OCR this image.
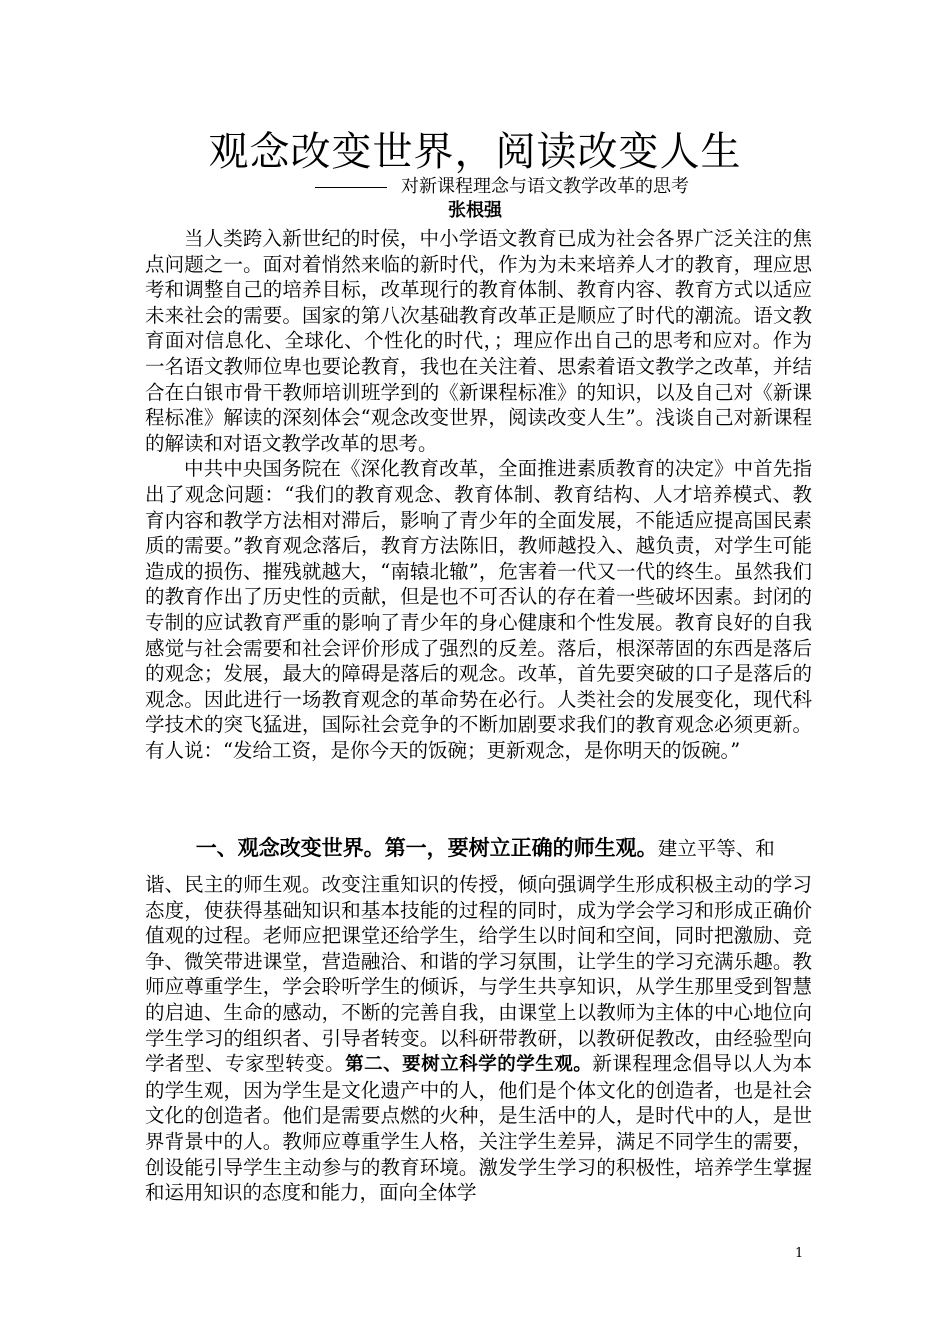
观念改变世界，阅读改变人生
对新课程理念与语文教学改革的思考
张根强

当人类跨入新世纪的时侯，中小学语文教育已成为社会各界广泛关注的焦点问题之一。面对着悄然来临的新时代，作为为未来培养人才的教育，理应思考和调整自己的培养目标，改革现行的教育体制、教育内容、教育方式以适应未来社会的需要。国家的第八次基础教育改革正是顺应了时代的潮流。语文教育面对信息化、全球化、个性化的时代，；理应作出自己的思考和应对。作为一名语文教师位卑也要论教育，我也在关注着、思索着语文教学之改革，并结合在白银市骨干教师培训班学到的《新课程标准》的知识，以及自己对《新课程标准》解读的深刻体会“观念改变世界，阅读改变人生”。浅谈自己对新课程的解读和对语文教学改革的思考。

中共中央国务院在《深化教育改革，全面推进素质教育的决定》中首先指出了观念问题：“我们的教育观念、教育体制、教育结构、人才培养模式、教育内容和教学方法相对滞后，影响了青少年的全面发展，不能适应提高国民素质的需要。”教育观念落后，教育方法陈旧，教师越投入、越负责，对学生可能造成的损伤、摧残就越大，“南辕北辙”，危害着一代又一代的终生。虽然我们的教育作出了历史性的贡献，但是也不可否认的存在着一些破坏因素。封闭的专制的应试教育严重的影响了青少年的身心健康和个性发展。教育良好的自我感觉与社会需要和社会评价形成了强烈的反差。落后，根深蒂固的东西是落后的观念；发展，最大的障碍是落后的观念。改革，首先要突破的口子是落后的观念。因此进行一场教育观念的革命势在必行。人类社会的发展变化，现代科学技术的突飞猛进，国际社会竞争的不断加剧要求我们的教育观念必须更新。有人说：“发给工资，是你今天的饭碗；更新观念，是你明天的饭碗。”

一、观念改变世界。第一，要树立正确的师生观。建立平等、和

谐、民主的师生观。改变注重知识的传授，倾向强调学生形成积极主动的学习态度，使获得基础知识和基本技能的过程的同时，成为学会学习和形成正确价值观的过程。老师应把课堂还给学生，给学生以时间和空间，同时把激励、竞争、微笑带进课堂，营造融洽、和谐的学习氛围，让学生的学习充满乐趣。教师应尊重学生，学会聆听学生的倾诉，与学生共享知识，从学生那里受到智慧的启迪、生命的感动，不断的完善自我，由课堂上以教师为主体的中心地位向学生学习的组织者、引导者转变。以科研带教研，以教研促教改，由经验型向学者型、专家型转变。第二、要树立科学的学生观。新课程理念倡导以人为本的学生观，因为学生是文化遗产中的人，他们是个体文化的创造者，也是社会文化的创造者。他们是需要点燃的火种，是生活中的人，是时代中的人，是世界背景中的人。教师应尊重学生人格，关注学生差异，满足不同学生的需要，创设能引导学生主动参与的教育环境。激发学生学习的积极性，培养学生掌握和运用知识的态度和能力，面向全体学

1
